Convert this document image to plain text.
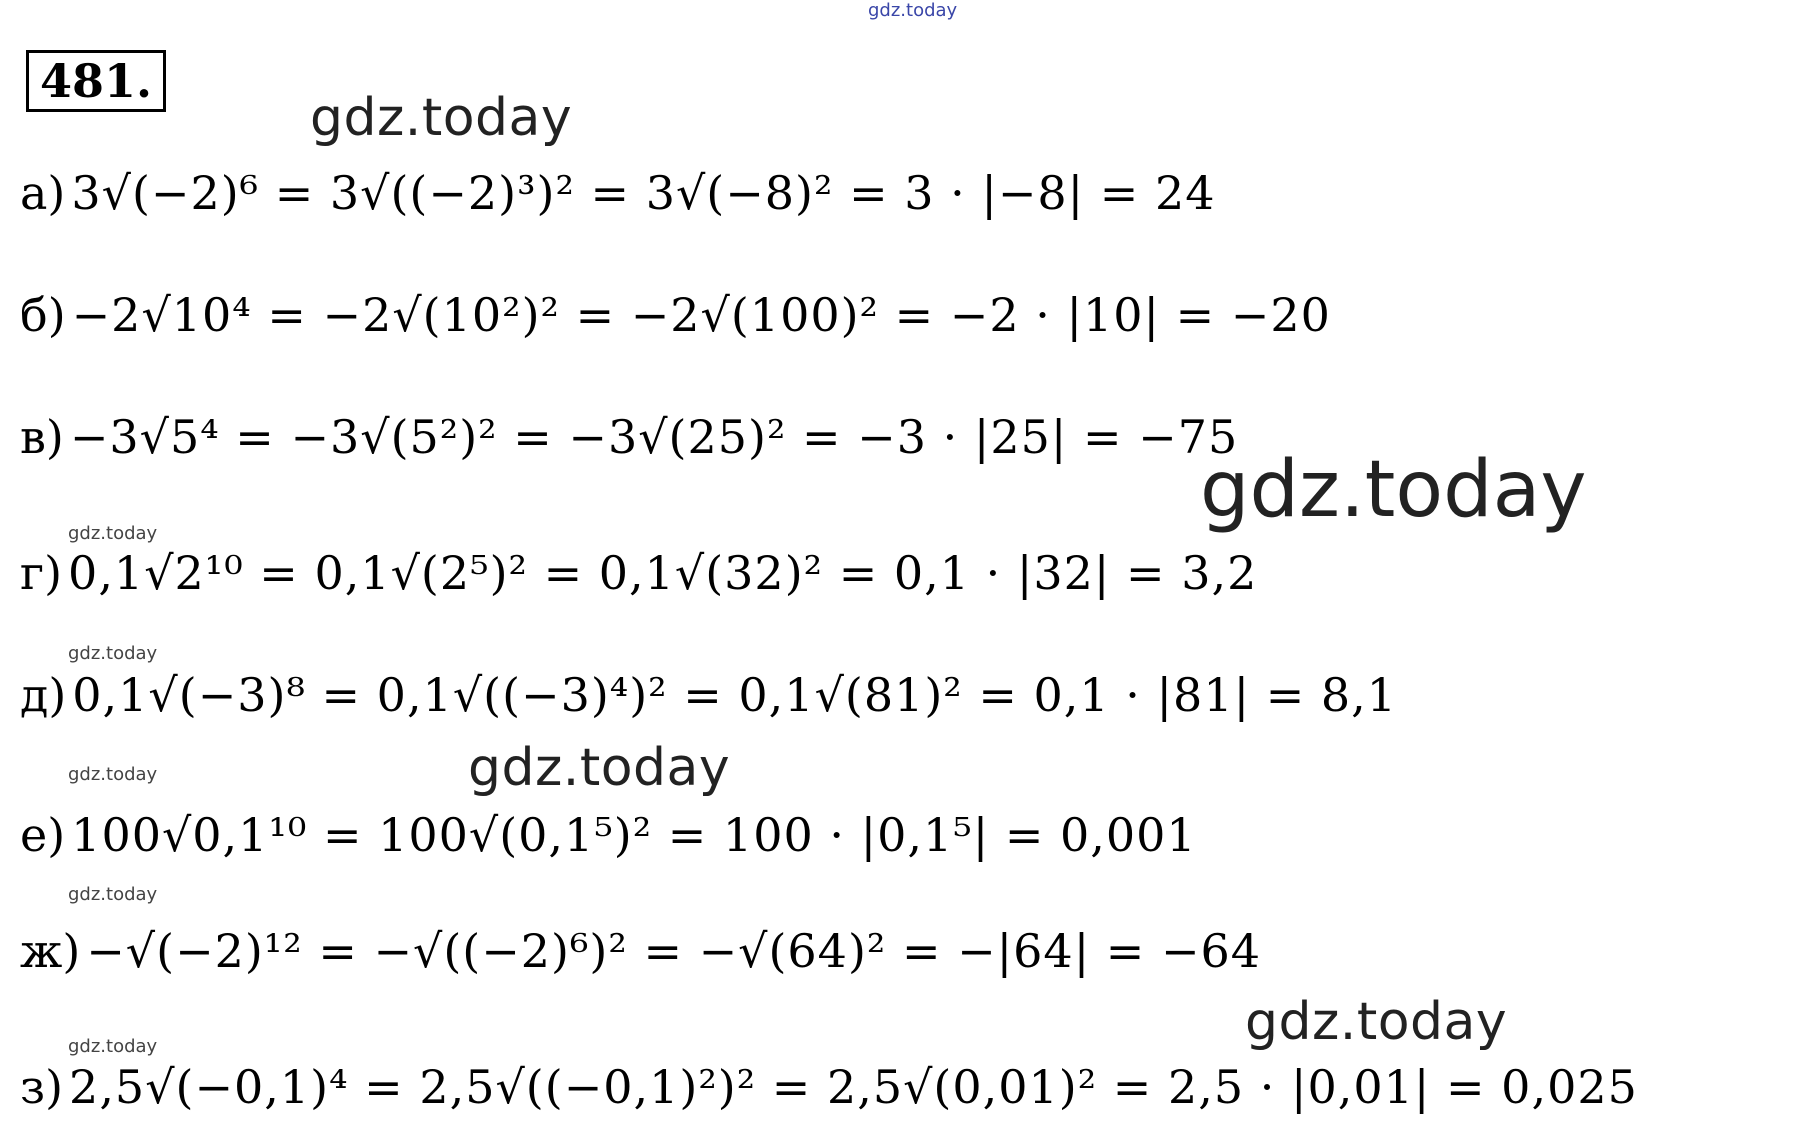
gdz.today
gdz.today
gdz.today
gdz.today
gdz.today
gdz.today
gdz.today
gdz.today
gdz.today
gdz.today
481.
а) 3√(−2)⁶ = 3√((−2)³)² = 3√(−8)² = 3 · |−8| = 24
б) −2√10⁴ = −2√(10²)² = −2√(100)² = −2 · |10| = −20
в) −3√5⁴ = −3√(5²)² = −3√(25)² = −3 · |25| = −75
г) 0,1√2¹⁰ = 0,1√(2⁵)² = 0,1√(32)² = 0,1 · |32| = 3,2
д) 0,1√(−3)⁸ = 0,1√((−3)⁴)² = 0,1√(81)² = 0,1 · |81| = 8,1
е) 100√0,1¹⁰ = 100√(0,1⁵)² = 100 · |0,1⁵| = 0,001
ж) −√(−2)¹² = −√((−2)⁶)² = −√(64)² = −|64| = −64
з) 2,5√(−0,1)⁴ = 2,5√((−0,1)²)² = 2,5√(0,01)² = 2,5 · |0,01| = 0,025
